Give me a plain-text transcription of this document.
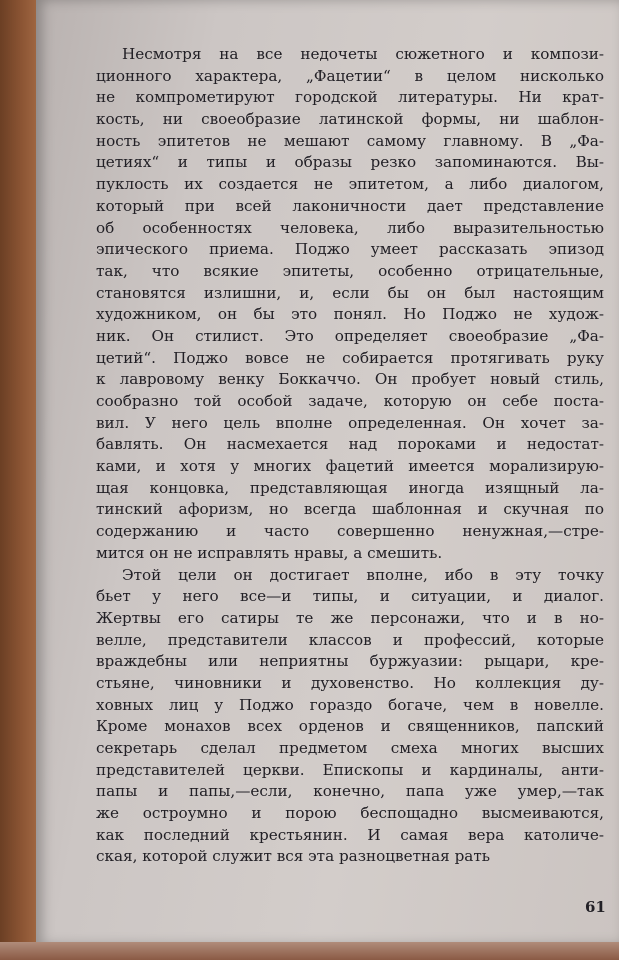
Несмотря на все недочеты сюжетного и компози-
ционного характера, „Фацетии“ в целом нисколько
не компрометируют городской литературы. Ни крат-
кость, ни своеобразие латинской формы, ни шаблон-
ность эпитетов не мешают самому главному. В „Фа-
цетиях“ и типы и образы резко запоминаются. Вы-
пуклость их создается не эпитетом, а либо диалогом,
который при всей лаконичности дает представление
об особенностях человека, либо выразительностью
эпического приема. Поджо умеет рассказать эпизод
так, что всякие эпитеты, особенно отрицательные,
становятся излишни, и, если бы он был настоящим
художником, он бы это понял. Но Поджо не худож-
ник. Он стилист. Это определяет своеобразие „Фа-
цетий“. Поджо вовсе не собирается протягивать руку
к лавровому венку Боккаччо. Он пробует новый стиль,
сообразно той особой задаче, которую он себе поста-
вил. У него цель вполне определенная. Он хочет за-
бавлять. Он насмехается над пороками и недостат-
ками, и хотя у многих фацетий имеется морализирую-
щая концовка, представляющая иногда изящный ла-
тинский афоризм, но всегда шаблонная и скучная по
содержанию и часто совершенно ненужная,—стре-
мится он не исправлять нравы, а смешить.
Этой цели он достигает вполне, ибо в эту точку
бьет у него все—и типы, и ситуации, и диалог.
Жертвы его сатиры те же персонажи, что и в но-
велле, представители классов и профессий, которые
враждебны или неприятны буржуазии: рыцари, кре-
стьяне, чиновники и духовенство. Но коллекция ду-
ховных лиц у Поджо гораздо богаче, чем в новелле.
Кроме монахов всех орденов и священников, папский
секретарь сделал предметом смеха многих высших
представителей церкви. Епископы и кардиналы, анти-
папы и папы,—если, конечно, папа уже умер,—так
же остроумно и порою беспощадно высмеиваются,
как последний крестьянин. И самая вера католиче-
ская, которой служит вся эта разноцветная рать
61
